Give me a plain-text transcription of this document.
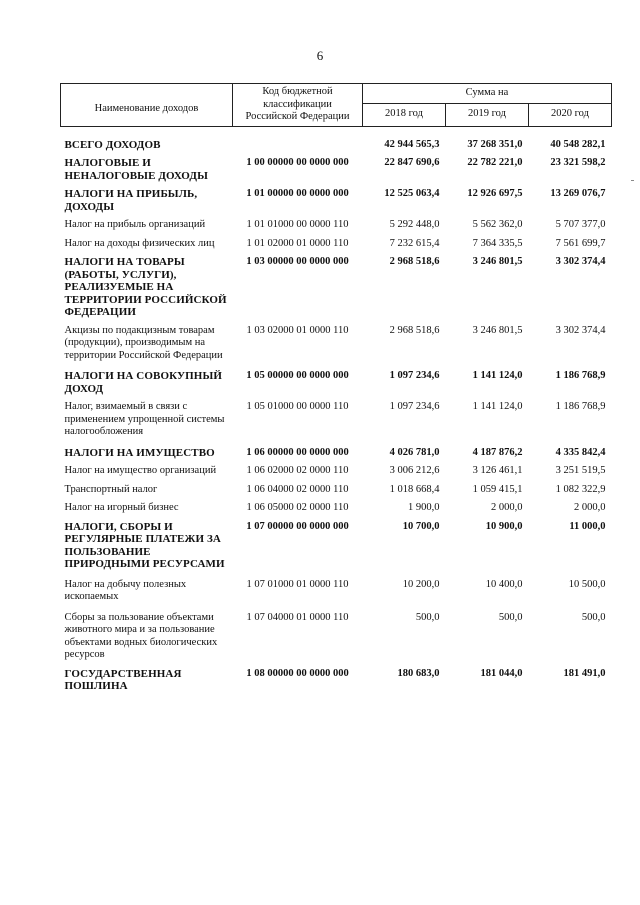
6
Наименование доходов	Код бюджетной классификации Российской Федерации	Сумма на		
		2018 год	2019 год	2020 год
ВСЕГО ДОХОДОВ		42 944 565,3	37 268 351,0	40 548 282,1
НАЛОГОВЫЕ И НЕНАЛОГОВЫЕ ДОХОДЫ	1 00 00000 00 0000 000	22 847 690,6	22 782 221,0	23 321 598,2
НАЛОГИ НА ПРИБЫЛЬ, ДОХОДЫ	1 01 00000 00 0000 000	12 525 063,4	12 926 697,5	13 269 076,7
Налог на прибыль организаций	1 01 01000 00 0000 110	5 292 448,0	5 562 362,0	5 707 377,0
Налог на доходы физических лиц	1 01 02000 01 0000 110	7 232 615,4	7 364 335,5	7 561 699,7
НАЛОГИ НА ТОВАРЫ (РАБОТЫ, УСЛУГИ), РЕАЛИЗУЕМЫЕ НА ТЕРРИТОРИИ РОССИЙСКОЙ ФЕДЕРАЦИИ	1 03 00000 00 0000 000	2 968 518,6	3 246 801,5	3 302 374,4
Акцизы по подакцизным товарам (продукции), производимым на территории Российской Федерации	1 03 02000 01 0000 110	2 968 518,6	3 246 801,5	3 302 374,4
НАЛОГИ НА СОВОКУПНЫЙ ДОХОД	1 05 00000 00 0000 000	1 097 234,6	1 141 124,0	1 186 768,9
Налог, взимаемый в связи с применением упрощенной системы налогообложения	1 05 01000 00 0000 110	1 097 234,6	1 141 124,0	1 186 768,9
НАЛОГИ НА ИМУЩЕСТВО	1 06 00000 00 0000 000	4 026 781,0	4 187 876,2	4 335 842,4
Налог на имущество организаций	1 06 02000 02 0000 110	3 006 212,6	3 126 461,1	3 251 519,5
Транспортный налог	1 06 04000 02 0000 110	1 018 668,4	1 059 415,1	1 082 322,9
Налог на игорный бизнес	1 06 05000 02 0000 110	1 900,0	2 000,0	2 000,0
НАЛОГИ, СБОРЫ И РЕГУЛЯРНЫЕ ПЛАТЕЖИ ЗА ПОЛЬЗОВАНИЕ ПРИРОДНЫМИ РЕСУРСАМИ	1 07 00000 00 0000 000	10 700,0	10 900,0	11 000,0
Налог на добычу полезных ископаемых	1 07 01000 01 0000 110	10 200,0	10 400,0	10 500,0
Сборы за пользование объектами животного мира и за пользование объектами водных биологических ресурсов	1 07 04000 01 0000 110	500,0	500,0	500,0
ГОСУДАРСТВЕННАЯ ПОШЛИНА	1 08 00000 00 0000 000	180 683,0	181 044,0	181 491,0
